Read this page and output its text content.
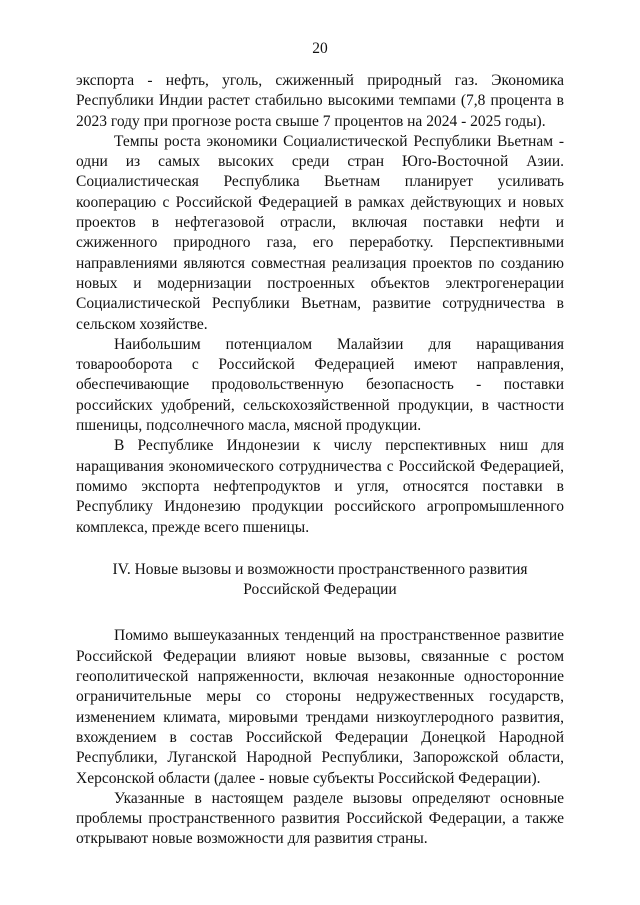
20

экспорта - нефть, уголь, сжиженный природный газ. Экономика Республики Индии растет стабильно высокими темпами (7,8 процента в 2023 году при прогнозе роста свыше 7 процентов на 2024 - 2025 годы).

Темпы роста экономики Социалистической Республики Вьетнам - одни из самых высоких среди стран Юго-Восточной Азии. Социалистическая Республика Вьетнам планирует усиливать кооперацию с Российской Федерацией в рамках действующих и новых проектов в нефтегазовой отрасли, включая поставки нефти и сжиженного природного газа, его переработку. Перспективными направлениями являются совместная реализация проектов по созданию новых и модернизации построенных объектов электрогенерации Социалистической Республики Вьетнам, развитие сотрудничества в сельском хозяйстве.

Наибольшим потенциалом Малайзии для наращивания товарооборота с Российской Федерацией имеют направления, обеспечивающие продовольственную безопасность - поставки российских удобрений, сельскохозяйственной продукции, в частности пшеницы, подсолнечного масла, мясной продукции.

В Республике Индонезии к числу перспективных ниш для наращивания экономического сотрудничества с Российской Федерацией, помимо экспорта нефтепродуктов и угля, относятся поставки в Республику Индонезию продукции российского агропромышленного комплекса, прежде всего пшеницы.

IV. Новые вызовы и возможности пространственного развития
Российской Федерации

Помимо вышеуказанных тенденций на пространственное развитие Российской Федерации влияют новые вызовы, связанные с ростом геополитической напряженности, включая незаконные односторонние ограничительные меры со стороны недружественных государств, изменением климата, мировыми трендами низкоуглеродного развития, вхождением в состав Российской Федерации Донецкой Народной Республики, Луганской Народной Республики, Запорожской области, Херсонской области (далее - новые субъекты Российской Федерации).

Указанные в настоящем разделе вызовы определяют основные проблемы пространственного развития Российской Федерации, а также открывают новые возможности для развития страны.
